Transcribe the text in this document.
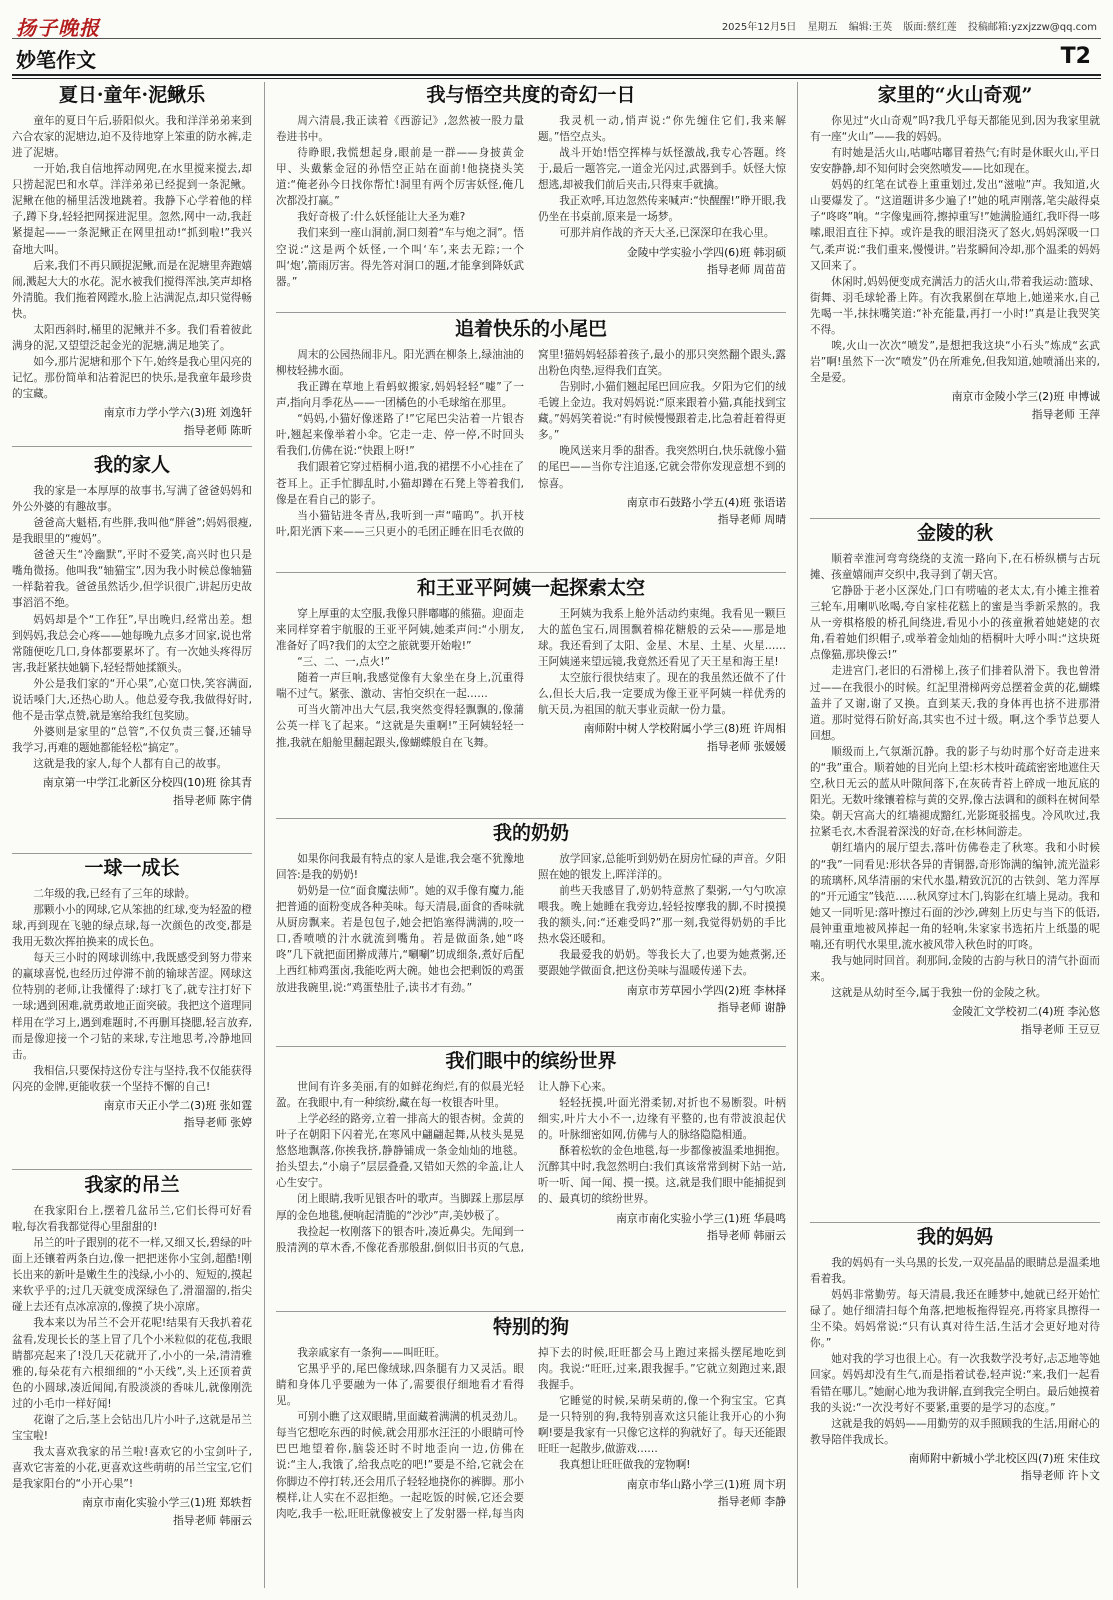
扬子晚报	2025年12月5日 星期五 编辑:王英 版面:蔡红莲 投稿邮箱:yzxjzzw@qq.com
妙笔作文	T2
夏日·童年·泥鳅乐

童年的夏日午后,骄阳似火。我和洋洋弟弟来到六合农家的泥塘边,迫不及待地穿上笨重的防水裤,走进了泥塘。

一开始,我自信地挥动网兜,在水里搅来搅去,却只捞起泥巴和水草。洋洋弟弟已经捉到一条泥鳅。泥鳅在他的桶里活泼地跳着。我静下心学着他的样子,蹲下身,轻轻把网探进泥里。忽然,网中一动,我赶紧提起——一条泥鳅正在网里扭动!“抓到啦!”我兴奋地大叫。

后来,我们不再只顾捉泥鳅,而是在泥塘里奔跑嬉闹,溅起大大的水花。泥水被我们搅得浑浊,笑声却格外清脆。我们拖着网蹚水,脸上沾满泥点,却只觉得畅快。

太阳西斜时,桶里的泥鳅并不多。我们看着彼此满身的泥,又望望泛起金光的泥塘,满足地笑了。

如今,那片泥塘和那个下午,始终是我心里闪亮的记忆。那份简单和沾着泥巴的快乐,是我童年最珍贵的宝藏。

南京市力学小学六(3)班 刘逸轩
指导老师 陈昕
我的家人

我的家是一本厚厚的故事书,写满了爸爸妈妈和外公外婆的有趣故事。

爸爸高大魁梧,有些胖,我叫他“胖爸”;妈妈很瘦,是我眼里的“瘦妈”。

爸爸天生“冷幽默”,平时不爱笑,高兴时也只是嘴角微扬。他叫我“轴猫宝”,因为我小时候总像轴猫一样黏着我。爸爸虽然话少,但学识很广,讲起历史故事滔滔不绝。

妈妈却是个“工作狂”,早出晚归,经常出差。想到妈妈,我总会心疼——她每晚九点多才回家,说也常常随便吃几口,身体都要累坏了。有一次她头疼得厉害,我赶紧扶她躺下,轻轻帮她揉额头。

外公是我们家的“开心果”,心宽口快,笑容满面,说话嗓门大,还热心助人。他总爱夸我,我做得好时,他不是击掌点赞,就是塞给我红包奖励。

外婆则是家里的“总管”,不仅负责三餐,还辅导我学习,再难的题她都能轻松“搞定”。

这就是我的家人,每个人都有自己的故事。

南京第一中学江北新区分校四(10)班 徐其青
指导老师 陈宇倩
一球一成长

二年级的我,已经有了三年的球龄。

那颗小小的网球,它从笨拙的红球,变为轻盈的橙球,再到现在飞驰的绿点球,每一次颜色的改变,都是我用无数次挥拍换来的成长色。

每天三小时的网球训练中,我既感受到努力带来的赢球喜悦,也经历过停滞不前的输球苦涩。网球这位特别的老师,让我懂得了:球打飞了,就专注打好下一球;遇到困难,就勇敢地正面突破。我把这个道理同样用在学习上,遇到难题时,不再删耳挠腮,轻言放弃,而是像迎接一个刁钻的来球,专注地思考,冷静地回击。

我相信,只要保持这份专注与坚持,我不仅能获得闪亮的金牌,更能收获一个坚持不懈的自己!

南京市天正小学二(3)班 张如霆
指导老师 张婷
我家的吊兰

在我家阳台上,摆着几盆吊兰,它们长得可好看啦,每次看我都觉得心里甜甜的!

吊兰的叶子跟别的花不一样,又细又长,碧绿的叶面上还镶着两条白边,像一把把迷你小宝剑,超酷!刚长出来的新叶是嫩生生的浅绿,小小的、短短的,摸起来软乎乎的;过几天就变成深绿色了,滑溜溜的,指尖碰上去还有点冰凉凉的,像摸了块小凉席。

我本来以为吊兰不会开花呢!结果有天我扒着花盆看,发现长长的茎上冒了几个小米粒似的花苞,我眼睛都亮起来了!没几天花就开了,小小的一朵,清清雅雅的,每朵花有六根细细的“小天线”,头上还顶着黄色的小圆球,凑近闻闻,有股淡淡的香味儿,就像刚洗过的小毛巾一样好闻!

花谢了之后,茎上会钻出几片小叶子,这就是吊兰宝宝啦!

我太喜欢我家的吊兰啦!喜欢它的小宝剑叶子,喜欢它害羞的小花,更喜欢这些萌萌的吊兰宝宝,它们是我家阳台的“小开心果”!

南京市南化实验小学三(1)班 郑轶哲
指导老师 韩丽云
我与悟空共度的奇幻一日

周六清晨,我正读着《西游记》,忽然被一股力量卷进书中。

待睁眼,我慌想起身,眼前是一群——身披黄金甲、头戴紫金冠的孙悟空正站在面前!他挠挠头笑道:“俺老孙今日找你帮忙!洞里有两个厉害妖怪,俺几次都没打赢。”

我好奇极了:什么妖怪能让大圣为难?

我们来到一座山洞前,洞口刻着“车与炮之洞”。悟空说:“这是两个妖怪,一个叫‘车’,来去无踪;一个叫‘炮’,箭雨厉害。得先答对洞口的题,才能拿到降妖武器。”

我灵机一动,悄声说:“你先缠住它们,我来解题。”悟空点头。

战斗开始!悟空挥棒与妖怪激战,我专心答题。终于,最后一题答完,一道金光闪过,武器到手。妖怪大惊想逃,却被我们前后夹击,只得束手就擒。

我正欢呼,耳边忽然传来喊声:“快醒醒!”睁开眼,我仍坐在书桌前,原来是一场梦。

可那并肩作战的齐天大圣,已深深印在我心里。

金陵中学实验小学四(6)班 韩羽硕
指导老师 周苗苗
追着快乐的小尾巴

周末的公园热闹非凡。阳光洒在柳条上,绿油油的柳枝轻拂水面。

我正蹲在草地上看蚂蚁搬家,妈妈轻轻“嘘”了一声,指向月季花丛——一团橘色的小毛球缩在那里。

“妈妈,小猫好像迷路了!”它尾巴尖沾着一片银杏叶,翘起来像举着小伞。它走一走、停一停,不时回头看我们,仿佛在说:“快跟上呀!”

我们跟着它穿过梧桐小道,我的裙摆不小心挂在了苍耳上。正手忙脚乱时,小猫却蹲在石凳上等着我们,像是在看自己的影子。

当小猫钻进冬青丛,我听到一声“喵呜”。扒开枝叶,阳光洒下来——三只更小的毛团正睡在旧毛衣做的窝里!猫妈妈轻舔着孩子,最小的那只突然翻个跟头,露出粉色肉垫,逗得我们直笑。

告别时,小猫们翘起尾巴回应我。夕阳为它们的绒毛镀上金边。我对妈妈说:“原来跟着小猫,真能找到宝藏。”妈妈笑着说:“有时候慢慢跟着走,比急着赶着得更多。”

晚风送来月季的甜香。我突然明白,快乐就像小猫的尾巴——当你专注追逐,它就会带你发现意想不到的惊喜。

南京市石鼓路小学五(4)班 张语诺
指导老师 周晴
和王亚平阿姨一起探索太空

穿上厚重的太空服,我像只胖嘟嘟的熊猫。迎面走来同样穿着宇航服的王亚平阿姨,她柔声问:“小朋友,准备好了吗?我们的太空之旅就要开始啦!”

“三、二、一,点火!”

随着一声巨响,我感觉像有大象坐在身上,沉重得喘不过气。紧张、激动、害怕交织在一起……

可当火箭冲出大气层,我突然变得轻飘飘的,像蒲公英一样飞了起来。“这就是失重啊!”王阿姨轻轻一推,我就在船舱里翻起跟头,像蝴蝶般自在飞舞。

王阿姨为我系上舱外活动约束绳。我看见一颗巨大的蓝色宝石,周围飘着棉花糖般的云朵——那是地球。我还看到了太阳、金星、木星、土星、火星……王阿姨递来望远镜,我竟然还看见了天王星和海王星!

太空旅行很快结束了。现在的我虽然还做不了什么,但长大后,我一定要成为像王亚平阿姨一样优秀的航天员,为祖国的航天事业贡献一份力量。

南师附中树人学校附属小学三(8)班 许周相
指导老师 张媛媛
我的奶奶

如果你问我最有特点的家人是谁,我会毫不犹豫地回答:是我的奶奶!

奶奶是一位“面食魔法师”。她的双手像有魔力,能把普通的面粉变成各种美味。每天清晨,面食的香味就从厨房飘来。若是包包子,她会把馅塞得满满的,咬一口,香喷喷的汁水就流到嘴角。若是做面条,她“咚咚”几下就把面团擀成薄片,“唰唰”切成细条,煮好后配上西红柿鸡蛋卤,我能吃两大碗。她也会把剩饭的鸡蛋放进我碗里,说:“鸡蛋垫肚子,读书才有劲。”

放学回家,总能听到奶奶在厨房忙碌的声音。夕阳照在她的银发上,晖洋洋的。

前些天我感冒了,奶奶特意熬了梨粥,一勺勺吹凉喂我。晚上她睡在我旁边,轻轻按摩我的脚,不时摸摸我的额头,问:“还难受吗?”那一刻,我觉得奶奶的手比热水袋还暖和。

我最爱我的奶奶。等我长大了,也要为她煮粥,还要跟她学做面食,把这份美味与温暖传递下去。

南京市芳草园小学四(2)班 李林择
指导老师 谢静
我们眼中的缤纷世界

世间有许多美丽,有的如鲜花绚烂,有的似晨光轻盈。在我眼中,有一种缤纷,藏在每一枚银杏叶里。

上学必经的路旁,立着一排高大的银杏树。金黄的叶子在朝阳下闪着光,在寒风中翩翩起舞,从枝头晃晃悠悠地飘落,你挨我挤,静静铺成一条金灿灿的地毯。抬头望去,“小扇子”层层叠叠,又错如天然的伞盖,让人心生安宁。

闭上眼睛,我听见银杏叶的歌声。当脚踩上那层厚厚的金色地毯,便响起清脆的“沙沙”声,美妙极了。

我捡起一枚刚落下的银杏叶,凑近鼻尖。先闻到一股清洌的草木香,不像花香那般甜,倒似旧书页的气息,让人静下心来。

轻轻抚摸,叶面光滑柔韧,对折也不易断裂。叶柄细实,叶片大小不一,边缘有平整的,也有带波浪起伏的。叶脉细密如网,仿佛与人的脉络隐隐相通。

酥着松软的金色地毯,每一步都像被温柔地拥抱。沉醉其中时,我忽然明白:我们真该常常到树下站一站,听一听、闻一闻、摸一摸。这,就是我们眼中能捕捉到的、最真切的缤纷世界。

南京市南化实验小学三(1)班 华晨鸣
指导老师 韩丽云
特别的狗

我亲戚家有一条狗——叫旺旺。

它黑乎乎的,尾巴像绒球,四条腿有力又灵活。眼睛和身体几乎要融为一体了,需要很仔细地看才看得见。

可别小瞧了这双眼睛,里面藏着满满的机灵劲儿。每当它想吃东西的时候,就会用那水汪汪的小眼睛可怜巴巴地望着你,脑袋还时不时地歪向一边,仿佛在说:“主人,我饿了,给我点吃的吧!”要是不给,它就会在你脚边不停打转,还会用爪子轻轻地挠你的裤脚。那小模样,让人实在不忍拒绝。一起吃饭的时候,它还会要肉吃,我手一松,旺旺就像被安上了发射器一样,每当肉掉下去的时候,旺旺都会马上跑过来摇头摆尾地吃到肉。我说:“旺旺,过来,跟我握手。”它就立刻跑过来,跟我握手。

它睡觉的时候,呆萌呆萌的,像一个狗宝宝。它真是一只特别的狗,我特别喜欢这只能让我开心的小狗啊!要是我家有一只像它这样的狗就好了。每天还能跟旺旺一起散步,做游戏……

我真想让旺旺做我的宠物啊!

南京市华山路小学三(1)班 周卞玥
指导老师 李静
家里的“火山奇观”

你见过“火山奇观”吗?我几乎每天都能见到,因为我家里就有一座“火山”——我的妈妈。

有时她是活火山,咕嘟咕嘟冒着热气;有时是休眠火山,平日安安静静,却不知何时会突然喷发——比如现在。

妈妈的红笔在试卷上重重划过,发出“滋啦”声。我知道,火山要爆发了。“这道题讲多少遍了!”她的吼声刚落,笔尖敲得桌子“咚咚”响。“字像鬼画符,擦掉重写!”她满脸通红,我吓得一哆嗦,眼泪直往下掉。或许是我的眼泪浇灭了怒火,妈妈深吸一口气,柔声说:“我们重来,慢慢讲。”岩浆瞬间冷却,那个温柔的妈妈又回来了。

休闲时,妈妈便变成充满活力的活火山,带着我运动:篮球、街舞、羽毛球轮番上阵。有次我累倒在草地上,她递来水,自己先喝一半,抹抹嘴笑道:“补充能量,再打一小时!”真是让我哭笑不得。

唉,火山一次次“喷发”,是想把我这块“小石头”炼成“玄武岩”啊!虽然下一次“喷发”仍在所难免,但我知道,她喷涌出来的,全是爱。

南京市金陵小学三(2)班 申博诚
指导老师 王萍
金陵的秋

顺着幸淮河弯弯绕绕的支流一路向下,在石桥纵横与古玩摊、孩童嬉闹声交织中,我寻到了朝天宫。

它静卧于老小区深处,门口有唠嗑的老太太,有小摊主推着三轮车,用喇叭吆喝,夸自家桂花糕上的蜜是当季新采熬的。我从一旁棋格般的桥孔间绕进,看见小小的孩童揪着她姥姥的衣角,看着她们织帽子,或举着金灿灿的梧桐叶大呼小叫:“这块斑点像猫,那块像云!”

走进宫门,老旧的石滑梯上,孩子们排着队滑下。我也曾滑过——在我很小的时候。红記里滑梯两旁总摆着金黄的花,蝴蝶盖并了又谢,谢了又换。直到某天,我的身体再也挤不进那滑道。那时觉得石阶好高,其实也不过十级。啊,这个季节总要人回想。

顺级而上,气氛渐沉静。我的影子与幼时那个好奇走进来的“我”重合。顺着她的目光向上望:杉木枝叶疏疏密密地遮住天空,秋日无云的蓝从叶隙间落下,在灰砖青苔上碎成一地瓦底的阳光。无数叶缘镶着棕与黄的交界,像古法调和的颜料在树间晕染。朝天宫高大的红墙褪成黯红,光影斑驳摇曳。冷风吹过,我拉紧毛衣,木香混着深浅的好奇,在杉林间游走。

朝红墙内的展厅望去,落叶仿佛卷走了秋寒。我和小时候的“我”一同看见:形状各异的青铜器,奇形饰满的编钟,流光溢彩的琉璃杯,风华清丽的宋代水墨,精致沉沉的古铁剑、笔力浑厚的“开元通宝”钱范……秋风穿过木门,钩影在红墙上晃动。我和她又一同听见:落叶擦过石面的沙沙,碑刻上历史与当下的低语,晨钟重重地被风捧起一角的轻响,朱家家书选拓片上纸墨的呢喃,还有明代水果里,流水被风带入秋色时的叮咚。

我与她同时回首。刹那间,金陵的古韵与秋日的清气扑面而来。

这就是从幼时至今,属于我独一份的金陵之秋。

金陵汇文学校初二(4)班 李沁悠
指导老师 王豆豆
我的妈妈

我的妈妈有一头乌黑的长发,一双亮晶晶的眼睛总是温柔地看着我。

妈妈非常勤劳。每天清晨,我还在睡梦中,她就已经开始忙碌了。她仔细清扫每个角落,把地板拖得锃亮,再将家具擦得一尘不染。妈妈常说:“只有认真对待生活,生活才会更好地对待你。”

她对我的学习也很上心。有一次我数学没考好,忐忑地等她回家。妈妈却没有生气,而是指着试卷,轻声说:“来,我们一起看看错在哪儿。”她耐心地为我讲解,直到我完全明白。最后她摸着我的头说:“一次没考好不要紧,重要的是学习的态度。”

这就是我的妈妈——用勤劳的双手照顾我的生活,用耐心的教导陪伴我成长。

南师附中新城小学北校区四(7)班 宋佳玟
指导老师 许卜文
